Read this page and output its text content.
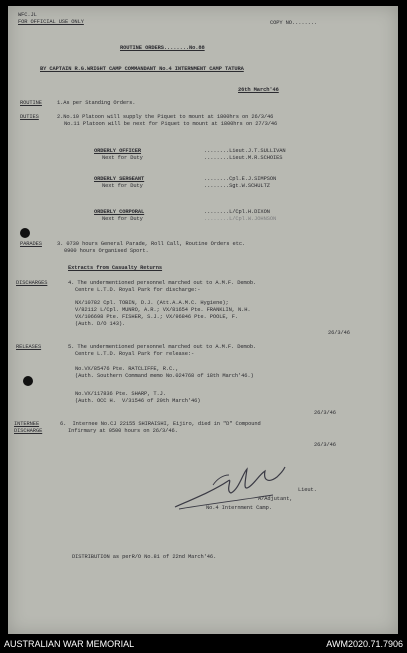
WFC.JL
FOR OFFICIAL USE ONLY	COPY NO........
ROUTINE ORDERS........No.88
BY CAPTAIN R.G.WRIGHT CAMP COMMANDANT No.4 INTERNMENT CAMP TATURA
26th March'46
ROUTINE	1.As per Standing Orders.
DUTIES	2.No.10 Platoon will supply the Piquet to mount at 1800hrs on 26/3/46
No.11 Platoon will be next for Piquet to mount at 1800hrs on 27/3/46
ORDERLY OFFICER	........Lieut.J.T.SULLIVAN
Next for Duty	........Lieut.M.R.SCHOIES
ORDERLY SERGEANT	........Cpl.E.J.SIMPSON
Next for Duty	........Sgt.W.SCHULTZ
ORDERLY CORPORAL	........L/Cpl.H.DIXON
Next for Duty	........L/Cpl.W.JOHNSON
PARADES	3. 0730 hours General Parade, Roll Call, Routine Orders etc.
0900 hours Organised Sport.
Extracts from Casualty Returns
DISCHARGES	4. The undermentioned personnel marched out to A.M.F. Demob.
Centre L.T.D. Royal Park for discharge:-
NX/10782 Cpl. TOBIN, D.J. (Att.A.A.M.C. Hygiene);
V/82112 L/Cpl. MUNRO, A.R.; VX/81654 Pte. FRANKLIN, N.H.
VX/106698 Pte. FISHER, S.J.; VX/96846 Pte. POOLE, F.
(Auth. D/O 143).
26/3/46
RELEASES	5. The undermentioned personnel marched out to A.M.F. Demob.
Centre L.T.D. Royal Park for release:-
No.VX/85476 Pte. RATCLIFFE, R.C.,
(Auth. Southern Command memo No.024768 of 18th March'46.)
No.VX/117836 Pte. SHARP, T.J.
(Auth. OCC H.  V/31546 of 20th March'46)
26/3/46
INTERNEE
DISCHARGE
6.  Internee No.CJ 22155 SHIRAISHI, Eijiro, died in "D" Compound
Infirmary at 0500 hours on 26/3/46.
26/3/46
Lieut.
A/Adjutant,
No.4 Internment Camp.
DISTRIBUTION as perR/O No.81 of 22nd March'46.
AUSTRALIAN WAR MEMORIAL	AWM2020.71.7906
